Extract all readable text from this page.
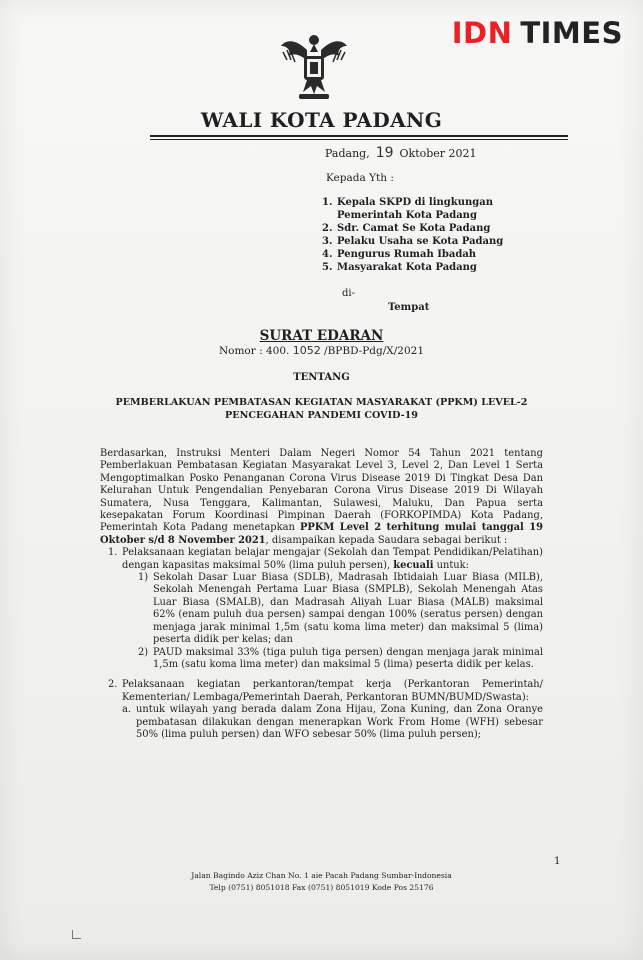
IDN TIMES
WALI KOTA PADANG
Padang, 19 Oktober 2021
Kepada Yth :
1. Kepala SKPD di lingkungan Pemerintah Kota Padang
2. Sdr. Camat Se Kota Padang
3. Pelaku Usaha se Kota Padang
4. Pengurus Rumah Ibadah
5. Masyarakat Kota Padang
di-
Tempat
SURAT EDARAN
Nomor : 400. 1052 /BPBD-Pdg/X/2021
TENTANG
PEMBERLAKUAN PEMBATASAN KEGIATAN MASYARAKAT (PPKM) LEVEL-2
PENCEGAHAN PANDEMI COVID-19

Berdasarkan, Instruksi Menteri Dalam Negeri Nomor 54 Tahun 2021 tentang Pemberlakuan Pembatasan Kegiatan Masyarakat Level 3, Level 2, Dan Level 1 Serta Mengoptimalkan Posko Penanganan Corona Virus Disease 2019 Di Tingkat Desa Dan Kelurahan Untuk Pengendalian Penyebaran Corona Virus Disease 2019 Di Wilayah Sumatera, Nusa Tenggara, Kalimantan, Sulawesi, Maluku, Dan Papua serta kesepakatan Forum Koordinasi Pimpinan Daerah (FORKOPIMDA) Kota Padang, Pemerintah Kota Padang menetapkan PPKM Level 2 terhitung mulai tanggal 19 Oktober s/d 8 November 2021, disampaikan kepada Saudara sebagai berikut :

1. Pelaksanaan kegiatan belajar mengajar (Sekolah dan Tempat Pendidikan/Pelatihan) dengan kapasitas maksimal 50% (lima puluh persen), kecuali untuk:
1) Sekolah Dasar Luar Biasa (SDLB), Madrasah Ibtidaiah Luar Biasa (MILB), Sekolah Menengah Pertama Luar Biasa (SMPLB), Sekolah Menengah Atas Luar Biasa (SMALB), dan Madrasah Aliyah Luar Biasa (MALB) maksimal 62% (enam puluh dua persen) sampai dengan 100% (seratus persen) dengan menjaga jarak minimal 1,5m (satu koma lima meter) dan maksimal 5 (lima) peserta didik per kelas; dan
2) PAUD maksimal 33% (tiga puluh tiga persen) dengan menjaga jarak minimal 1,5m (satu koma lima meter) dan maksimal 5 (lima) peserta didik per kelas.
2. Pelaksanaan kegiatan perkantoran/tempat kerja (Perkantoran Pemerintah/ Kementerian/ Lembaga/Pemerintah Daerah, Perkantoran BUMN/BUMD/Swasta):
a. untuk wilayah yang berada dalam Zona Hijau, Zona Kuning, dan Zona Oranye pembatasan dilakukan dengan menerapkan Work From Home (WFH) sebesar 50% (lima puluh persen) dan WFO sebesar 50% (lima puluh persen);
1
Jalan Bagindo Aziz Chan No. 1 aie Pacah Padang Sumbar-Indonesia
Telp (0751) 8051018 Fax (0751) 8051019 Kode Pos 25176
